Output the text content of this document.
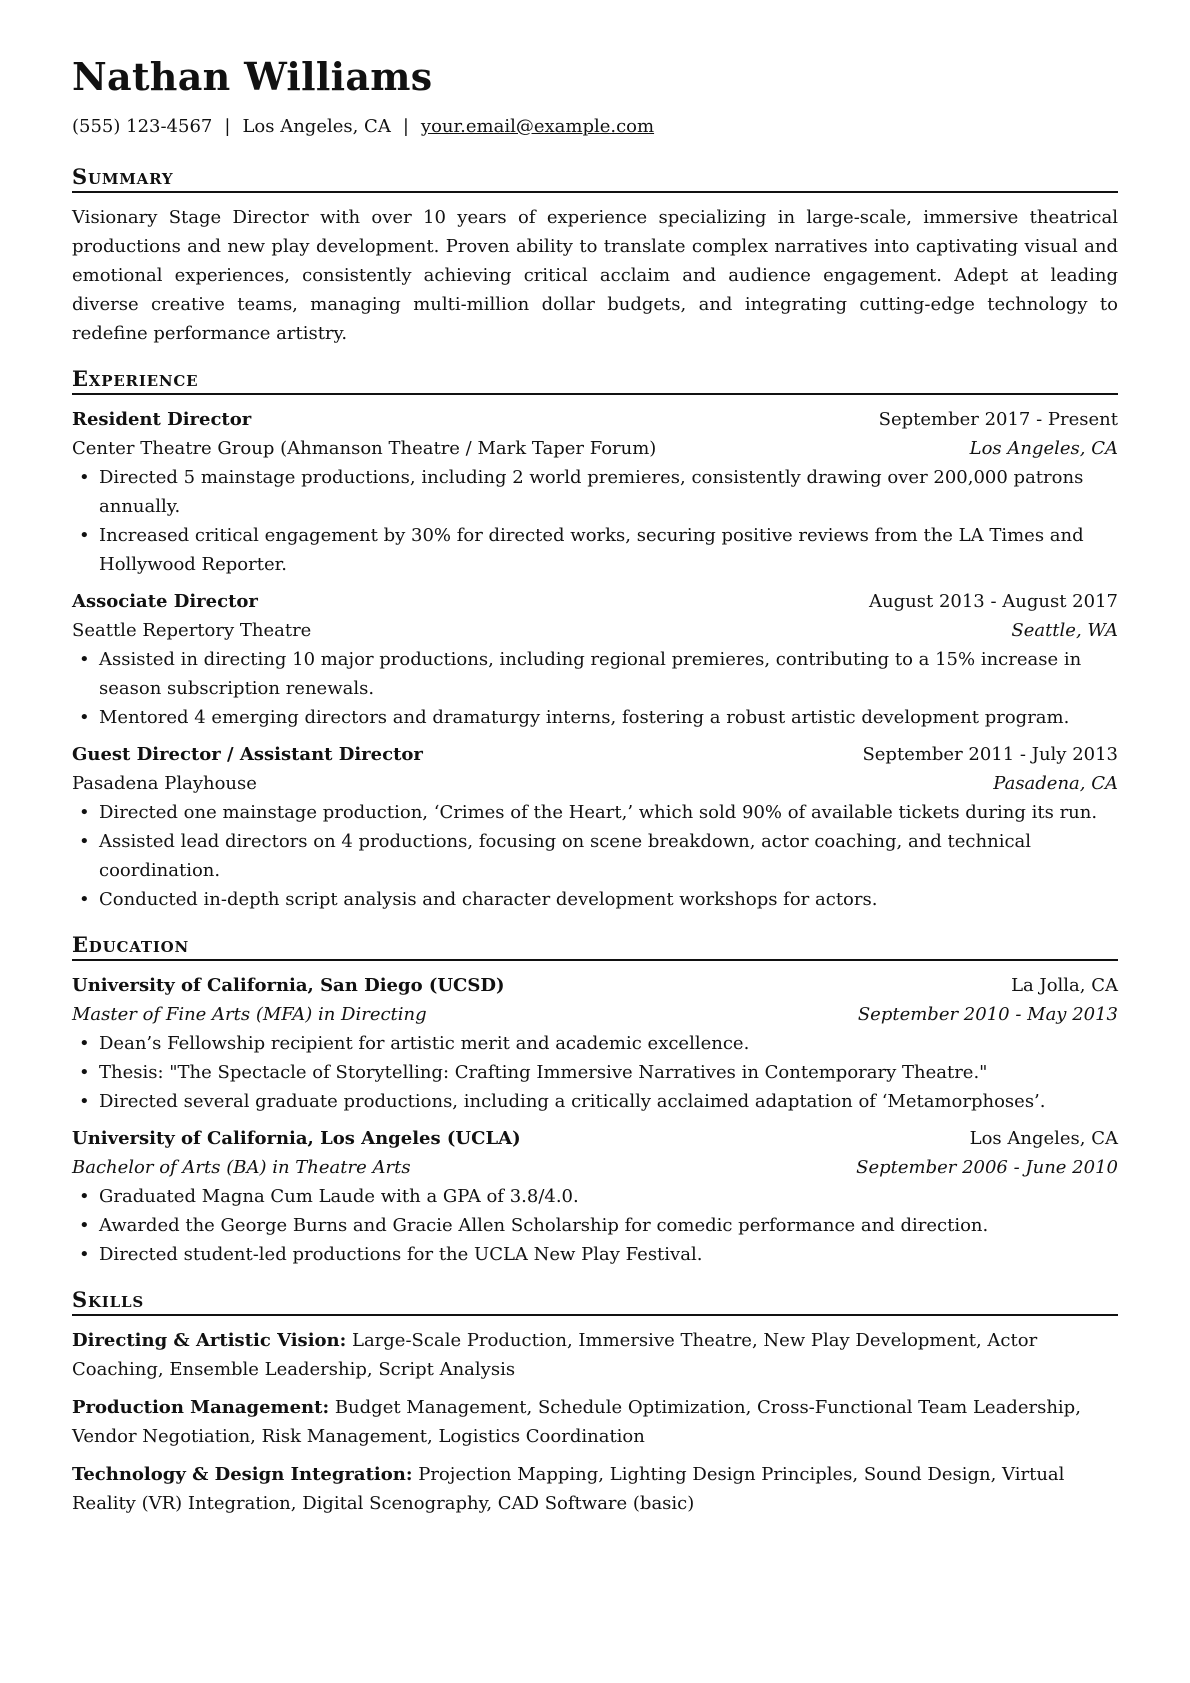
Nathan Williams
(555) 123-4567 | Los Angeles, CA | your.email@example.com
Summary

Visionary Stage Director with over 10 years of experience specializing in large-scale, immersive theatrical productions and new play development. Proven ability to translate complex narratives into captivating visual and emotional experiences, consistently achieving critical acclaim and audience engagement. Adept at leading diverse creative teams, managing multi-million dollar budgets, and integrating cutting-edge technology to redefine performance artistry.

Experience
Resident Director	September 2017 - Present
Center Theatre Group (Ahmanson Theatre / Mark Taper Forum)	Los Angeles, CA
• Directed 5 mainstage productions, including 2 world premieres, consistently drawing over 200,000 patrons annually.
• Increased critical engagement by 30% for directed works, securing positive reviews from the LA Times and Hollywood Reporter.
Associate Director	August 2013 - August 2017
Seattle Repertory Theatre	Seattle, WA
• Assisted in directing 10 major productions, including regional premieres, contributing to a 15% increase in season subscription renewals.
• Mentored 4 emerging directors and dramaturgy interns, fostering a robust artistic development program.
Guest Director / Assistant Director	September 2011 - July 2013
Pasadena Playhouse	Pasadena, CA
• Directed one mainstage production, ‘Crimes of the Heart,’ which sold 90% of available tickets during its run.
• Assisted lead directors on 4 productions, focusing on scene breakdown, actor coaching, and technical coordination.
• Conducted in-depth script analysis and character development workshops for actors.
Education
University of California, San Diego (UCSD)	La Jolla, CA
Master of Fine Arts (MFA) in Directing	September 2010 - May 2013
• Dean’s Fellowship recipient for artistic merit and academic excellence.
• Thesis: "The Spectacle of Storytelling: Crafting Immersive Narratives in Contemporary Theatre."
• Directed several graduate productions, including a critically acclaimed adaptation of ‘Metamorphoses’.
University of California, Los Angeles (UCLA)	Los Angeles, CA
Bachelor of Arts (BA) in Theatre Arts	September 2006 - June 2010
• Graduated Magna Cum Laude with a GPA of 3.8/4.0.
• Awarded the George Burns and Gracie Allen Scholarship for comedic performance and direction.
• Directed student-led productions for the UCLA New Play Festival.
Skills

Directing & Artistic Vision: Large-Scale Production, Immersive Theatre, New Play Development, Actor Coaching, Ensemble Leadership, Script Analysis

Production Management: Budget Management, Schedule Optimization, Cross-Functional Team Leadership, Vendor Negotiation, Risk Management, Logistics Coordination

Technology & Design Integration: Projection Mapping, Lighting Design Principles, Sound Design, Virtual Reality (VR) Integration, Digital Scenography, CAD Software (basic)
